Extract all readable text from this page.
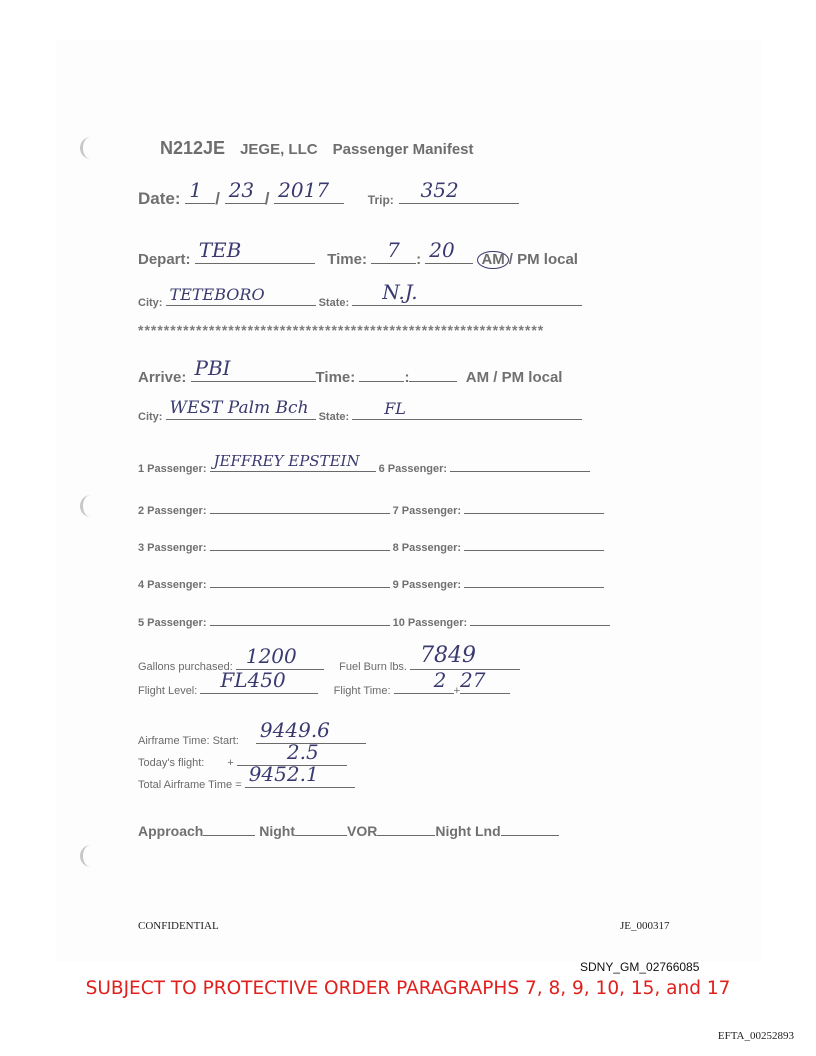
N212JE JEGE, LLC Passenger Manifest
Date: 1 / 23 / 2017	Trip: 352
Depart: TEB	Time: 7 : 20 AM / PM local
City: TETEBORO	State: N.J.
***************************************************************
Arrive: PBI	Time:	:	AM / PM local
City: WEST Palm Bch State: FL
1 Passenger: JEFFREY EPSTEIN 6 Passenger:
2 Passenger:	7 Passenger:
3 Passenger:	8 Passenger:
4 Passenger:	9 Passenger:
5 Passenger:	10 Passenger:
Gallons purchased: 1200	Fuel Burn lbs. 7849
Flight Level: FL450	Flight Time: 2 + 27
Airframe Time: Start: 9449.6
Today's flight: +	2.5
Total Airframe Time = 9452.1
Approach	Night	VOR	Night Lnd
CONFIDENTIAL	JE_000317
SDNY_GM_02766085
SUBJECT TO PROTECTIVE ORDER PARAGRAPHS 7, 8, 9, 10, 15, and 17
EFTA_00252893
